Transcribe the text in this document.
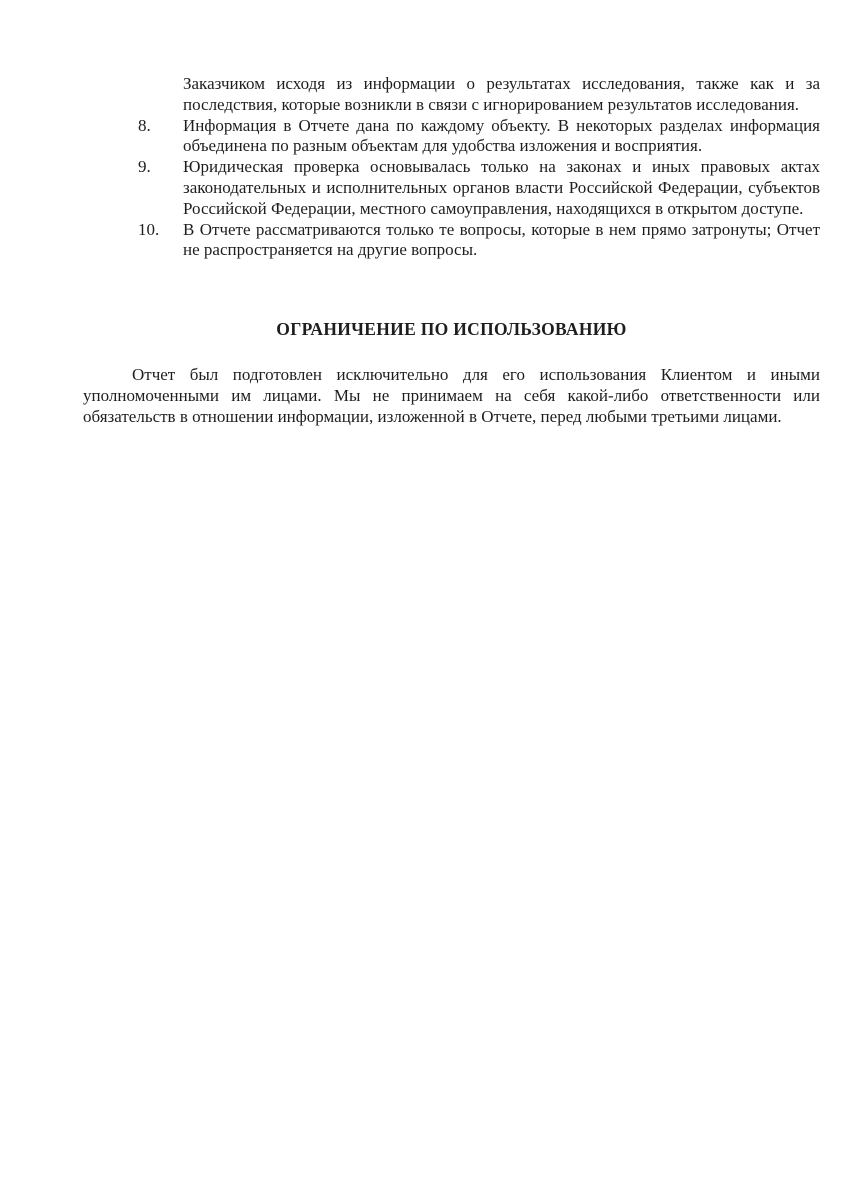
Заказчиком исходя из информации о результатах исследования, также как и за последствия, которые возникли в связи с игнорированием результатов исследования.
8.	Информация в Отчете дана по каждому объекту. В некоторых разделах информация объединена по разным объектам для удобства изложения и восприятия.
9.	Юридическая проверка основывалась только на законах и иных правовых актах законодательных и исполнительных органов власти Российской Федерации, субъектов Российской Федерации, местного самоуправления, находящихся в открытом доступе.
10.	В Отчете рассматриваются только те вопросы, которые в нем прямо затронуты; Отчет не распространяется на другие вопросы.
ОГРАНИЧЕНИЕ ПО ИСПОЛЬЗОВАНИЮ
Отчет был подготовлен исключительно для его использования Клиентом и иными уполномоченными им лицами. Мы не принимаем на себя какой-либо ответственности или обязательств в отношении информации, изложенной в Отчете, перед любыми третьими лицами.
